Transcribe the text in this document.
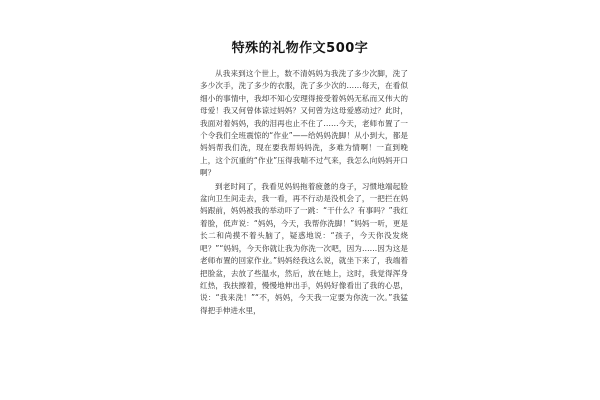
特殊的礼物作文500字

从我来到这个世上，数不清妈妈为我洗了多少次脚，洗了多少次手，洗了多少的衣服，洗了多少次的……每天，在看似细小的事情中，我却不知心安理得接受着妈妈无私而又伟大的母爱！我又何曾体谅过妈妈？又何曾为这母爱感动过？此时，我面对着妈妈，我的泪再也止不住了……今天，老师布置了一个令我们全班震惊的“作业”——给妈妈洗脚！从小到大，都是妈妈帮我们洗，现在要我帮妈妈洗，多难为情啊！一直到晚上，这个沉重的“作业”压得我喘不过气来，我怎么向妈妈开口啊？

到老时间了，我看见妈妈拖着疲惫的身子，习惯地端起脸盆向卫生间走去，我一看，再不行动是没机会了，一把拦在妈妈跟前，妈妈被我的举动吓了一跳：“干什么？有事吗？”我红着脸，低声说：“妈妈，今天，我帮你洗脚！”妈妈一听，更是长二和尚摸不着头脑了，疑惑地说：“孩子，今天你没发烧吧？”“妈妈，今天你就让我为你洗一次吧，因为……因为这是老师布置的回家作业。”妈妈经我这么说，就坐下来了，我端着把脸盆，去放了些温水，然后，放在她上，这时，我觉得浑身红热，我扶擦着，慢慢地伸出手，妈妈好像看出了我的心思，说：“我来洗！”“不，妈妈，今天我一定要为你洗一次。”我猛得把手伸进水里，
